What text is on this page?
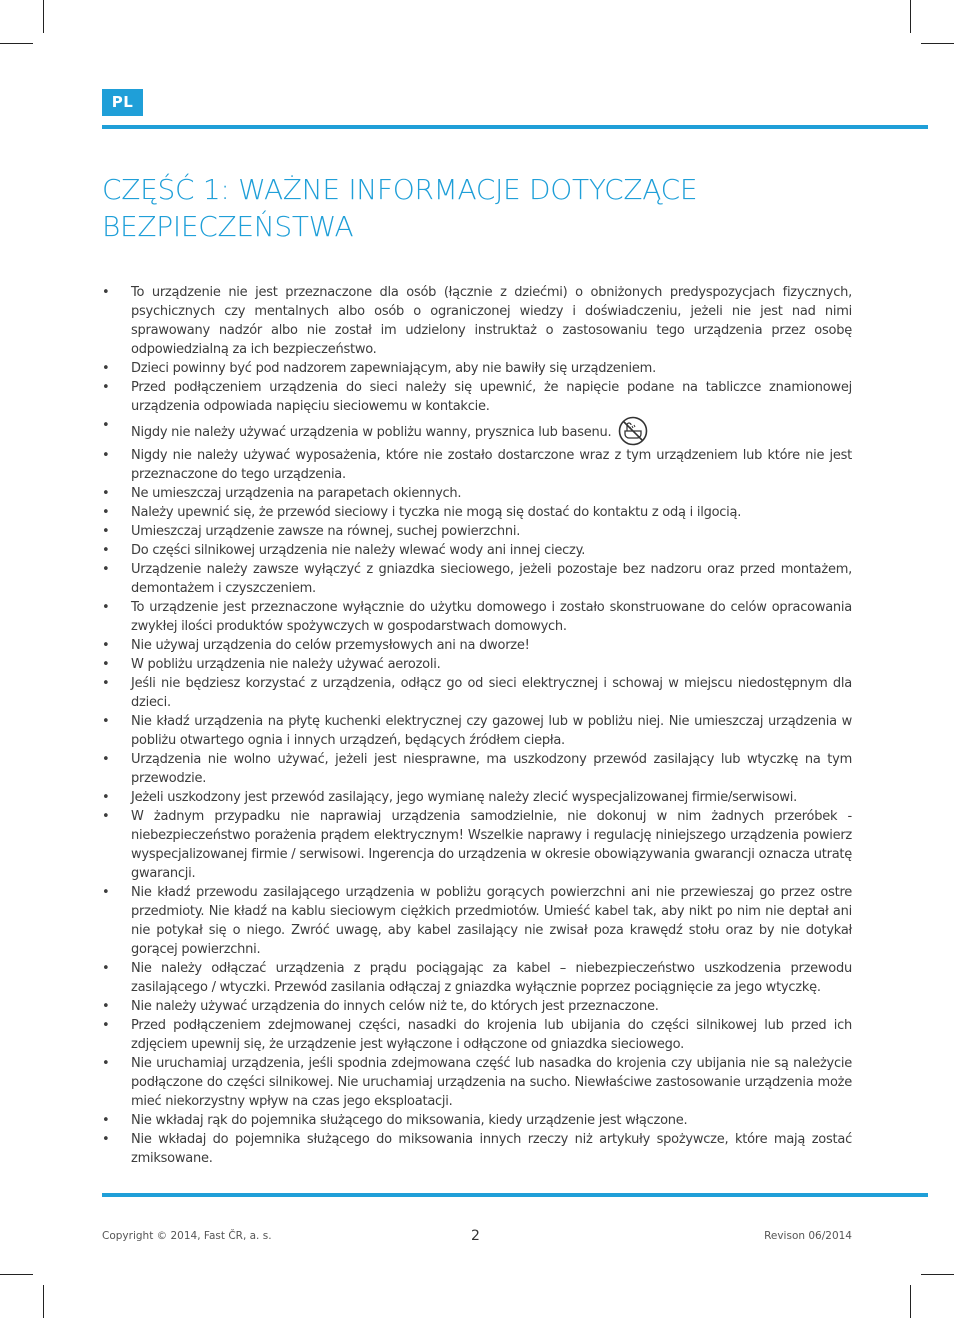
PL
CZĘŚĆ 1: WAŻNE INFORMACJE DOTYCZĄCE BEZPIECZEŃSTWA
• To urządzenie nie jest przeznaczone dla osób (łącznie z dziećmi) o obniżonych predyspozycjach fizycznych, psychicznych czy mentalnych albo osób o ograniczonej wiedzy i doświadczeniu, jeżeli nie jest nad nimi sprawowany nadzór albo nie został im udzielony instruktaż o zastosowaniu tego urządzenia przez osobę odpowiedzialną za ich bezpieczeństwo.
• Dzieci powinny być pod nadzorem zapewniającym, aby nie bawiły się urządzeniem.
• Przed podłączeniem urządzenia do sieci należy się upewnić, że napięcie podane na tabliczce znamionowej urządzenia odpowiada napięciu sieciowemu w kontakcie.
• Nigdy nie należy używać urządzenia w pobliżu wanny, prysznica lub basenu.
• Nigdy nie należy używać wyposażenia, które nie zostało dostarczone wraz z tym urządzeniem lub które nie jest przeznaczone do tego urządzenia.
• Ne umieszczaj urządzenia na parapetach okiennych.
• Należy upewnić się, że przewód sieciowy i tyczka nie mogą się dostać do kontaktu z odą i ilgocią.
• Umieszczaj urządzenie zawsze na równej, suchej powierzchni.
• Do części silnikowej urządzenia nie należy wlewać wody ani innej cieczy.
• Urządzenie należy zawsze wyłączyć z gniazdka sieciowego, jeżeli pozostaje bez nadzoru oraz przed montażem, demontażem i czyszczeniem.
• To urządzenie jest przeznaczone wyłącznie do użytku domowego i zostało skonstruowane do celów opracowania zwykłej ilości produktów spożywczych w gospodarstwach domowych.
• Nie używaj urządzenia do celów przemysłowych ani na dworze!
• W pobliżu urządzenia nie należy używać aerozoli.
• Jeśli nie będziesz korzystać z urządzenia, odłącz go od sieci elektrycznej i schowaj w miejscu niedostępnym dla dzieci.
• Nie kładź urządzenia na płytę kuchenki elektrycznej czy gazowej lub w pobliżu niej. Nie umieszczaj urządzenia w pobliżu otwartego ognia i innych urządzeń, będących źródłem ciepła.
• Urządzenia nie wolno używać, jeżeli jest niesprawne, ma uszkodzony przewód zasilający lub wtyczkę na tym przewodzie.
• Jeżeli uszkodzony jest przewód zasilający, jego wymianę należy zlecić wyspecjalizowanej firmie/serwisowi.
• W żadnym przypadku nie naprawiaj urządzenia samodzielnie, nie dokonuj w nim żadnych przeróbek - niebezpieczeństwo porażenia prądem elektrycznym! Wszelkie naprawy i regulację niniejszego urządzenia powierz wyspecjalizowanej firmie / serwisowi. Ingerencja do urządzenia w okresie obowiązywania gwarancji oznacza utratę gwarancji.
• Nie kładź przewodu zasilającego urządzenia w pobliżu gorących powierzchni ani nie przewieszaj go przez ostre przedmioty. Nie kładź na kablu sieciowym ciężkich przedmiotów. Umieść kabel tak, aby nikt po nim nie deptał ani nie potykał się o niego. Zwróć uwagę, aby kabel zasilający nie zwisał poza krawędź stołu oraz by nie dotykał gorącej powierzchni.
• Nie należy odłączać urządzenia z prądu pociągając za kabel – niebezpieczeństwo uszkodzenia przewodu zasilającego / wtyczki. Przewód zasilania odłączaj z gniazdka wyłącznie poprzez pociągnięcie za jego wtyczkę.
• Nie należy używać urządzenia do innych celów niż te, do których jest przeznaczone.
• Przed podłączeniem zdejmowanej części, nasadki do krojenia lub ubijania do części silnikowej lub przed ich zdjęciem upewnij się, że urządzenie jest wyłączone i odłączone od gniazdka sieciowego.
• Nie uruchamiaj urządzenia, jeśli spodnia zdejmowana część lub nasadka do krojenia czy ubijania nie są należycie podłączone do części silnikowej. Nie uruchamiaj urządzenia na sucho. Niewłaściwe zastosowanie urządzenia może mieć niekorzystny wpływ na czas jego eksploatacji.
• Nie wkładaj rąk do pojemnika służącego do miksowania, kiedy urządzenie jest włączone.
• Nie wkładaj do pojemnika służącego do miksowania innych rzeczy niż artykuły spożywcze, które mają zostać zmiksowane.
Copyright © 2014, Fast ČR, a. s.	2	Revison 06/2014
